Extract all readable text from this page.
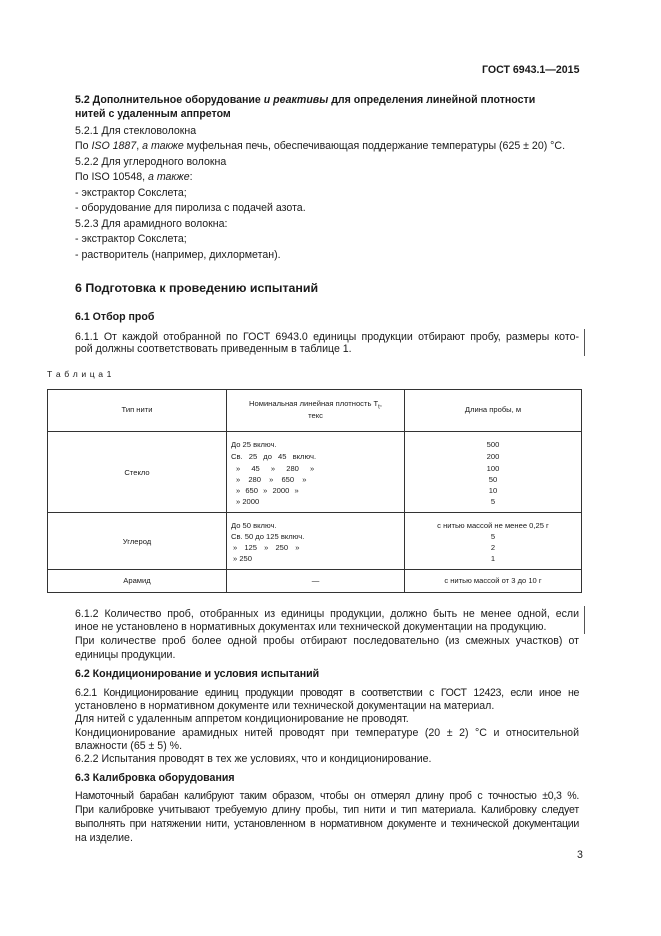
ГОСТ 6943.1—2015
5.2 Дополнительное оборудование и реактивы для определения линейной плотности
нитей с удаленным аппретом
5.2.1 Для стекловолокна
По ISO 1887, а также муфельная печь, обеспечивающая поддержание температуры (625 ± 20) °С.
5.2.2 Для углеродного волокна
По ISO 10548, а также:
- экстрактор Сокслета;
- оборудование для пиролиза с подачей азота.
5.2.3 Для арамидного волокна:
- экстрактор Сокслета;
- растворитель (например, дихлорметан).
6 Подготовка к проведению испытаний
6.1 Отбор проб
6.1.1 От каждой отобранной по ГОСТ 6943.0 единицы продукции отбирают пробу, размеры кото-
рой должны соответствовать приведенным в таблице 1.
Т а б л и ц а 1
Тип нити
Номинальная линейная плотность $T_t$,
текс
Длина пробы, м
Стекло
До 25 включ.
Св. 25 до 45 включ.
» 45 » 280 »
» 280 » 650 »
» 650 » 2000 »
» 2000
500
200
100
50
10
5
Углерод
До 50 включ.
Св. 50 до 125 включ.
» 125 » 250 »
» 250
с нитью массой не менее 0,25 г
5
2
1
Арамид	—	с нитью массой от 3 до 10 г
6.1.2 Количество проб, отобранных из единицы продукции, должно быть не менее одной, если
иное не установлено в нормативных документах или технической документации на продукцию.
При количестве проб более одной пробы отбирают последовательно (из смежных участков) от
единицы продукции.
6.2 Кондиционирование и условия испытаний
6.2.1 Кондиционирование единиц продукции проводят в соответствии с ГОСТ 12423, если иное не
установлено в нормативном документе или технической документации на материал.
Для нитей с удаленным аппретом кондиционирование не проводят.
Кондиционирование арамидных нитей проводят при температуре (20 ± 2) °С и относительной
влажности (65 ± 5) %.
6.2.2 Испытания проводят в тех же условиях, что и кондиционирование.
6.3 Калибровка оборудования
Намоточный барабан калибруют таким образом, чтобы он отмерял длину проб с точностью ±0,3 %.
При калибровке учитывают требуемую длину пробы, тип нити и тип материала. Калибровку следует
выполнять при натяжении нити, установленном в нормативном документе и технической документации
на изделие.
3
